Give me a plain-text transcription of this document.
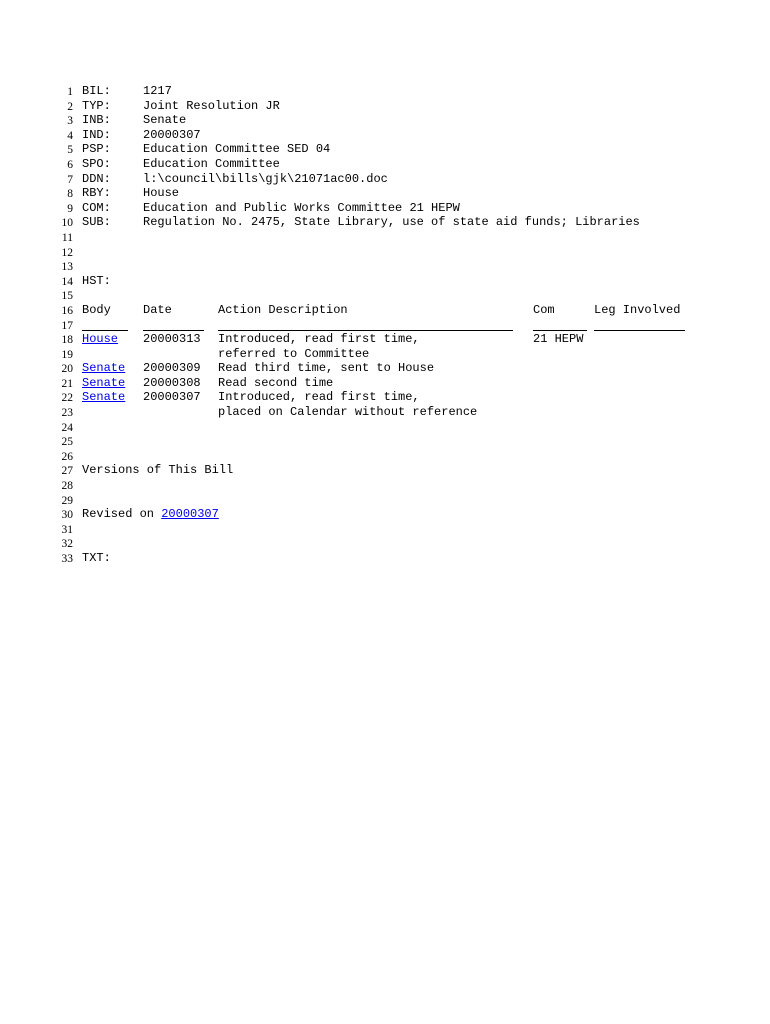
1 BIL:	1217
2 TYP:	Joint Resolution JR
3 INB:	Senate
4 IND:	20000307
5 PSP:	Education Committee SED 04
6 SPO:	Education Committee
7 DDN:	l:\council\bills\gjk\21071ac00.doc
8 RBY:	House
9 COM:	Education and Public Works Committee 21 HEPW
10 SUB:	Regulation No. 2475, State Library, use of state aid funds; Libraries
11
12
13
14 HST:
15
16 Body	Date	Action Description	Com	Leg Involved
17

18 House 20000313 Introduced, read first time,	21 HEPW
19	referred to Committee
20 Senate 20000309 Read third time, sent to House
21 Senate 20000308 Read second time
22 Senate 20000307 Introduced, read first time,
23	placed on Calendar without reference
24
25
26
27 Versions of This Bill
28
29
30 Revised on 20000307
31
32
33 TXT:
